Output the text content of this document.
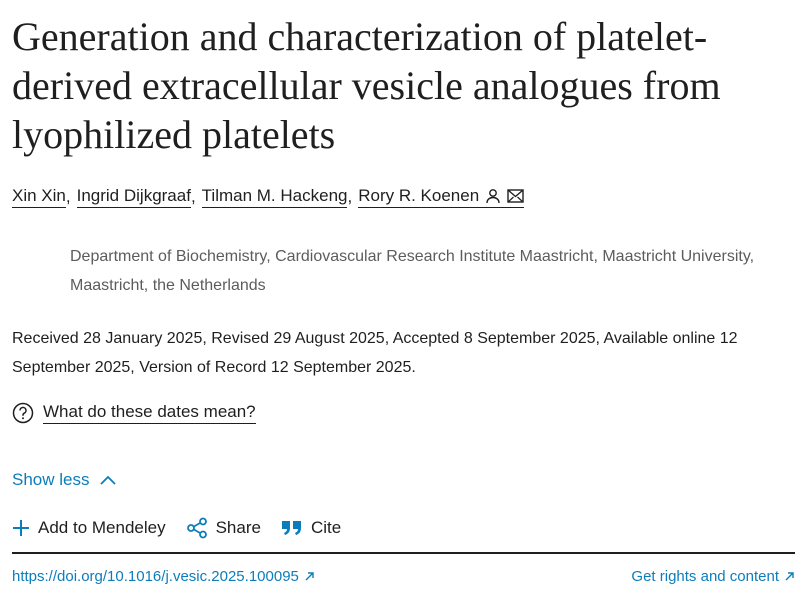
Generation and characterization of platelet-derived extracellular vesicle analogues from lyophilized platelets
Xin Xin , Ingrid Dijkgraaf , Tilman M. Hackeng , Rory R. Koenen
Department of Biochemistry, Cardiovascular Research Institute Maastricht, Maastricht University, Maastricht, the Netherlands
Received 28 January 2025, Revised 29 August 2025, Accepted 8 September 2025, Available online 12 September 2025, Version of Record 12 September 2025.
What do these dates mean?
Show less
Add to Mendeley	Share	Cite
https://doi.org/10.1016/j.vesic.2025.100095	Get rights and content
